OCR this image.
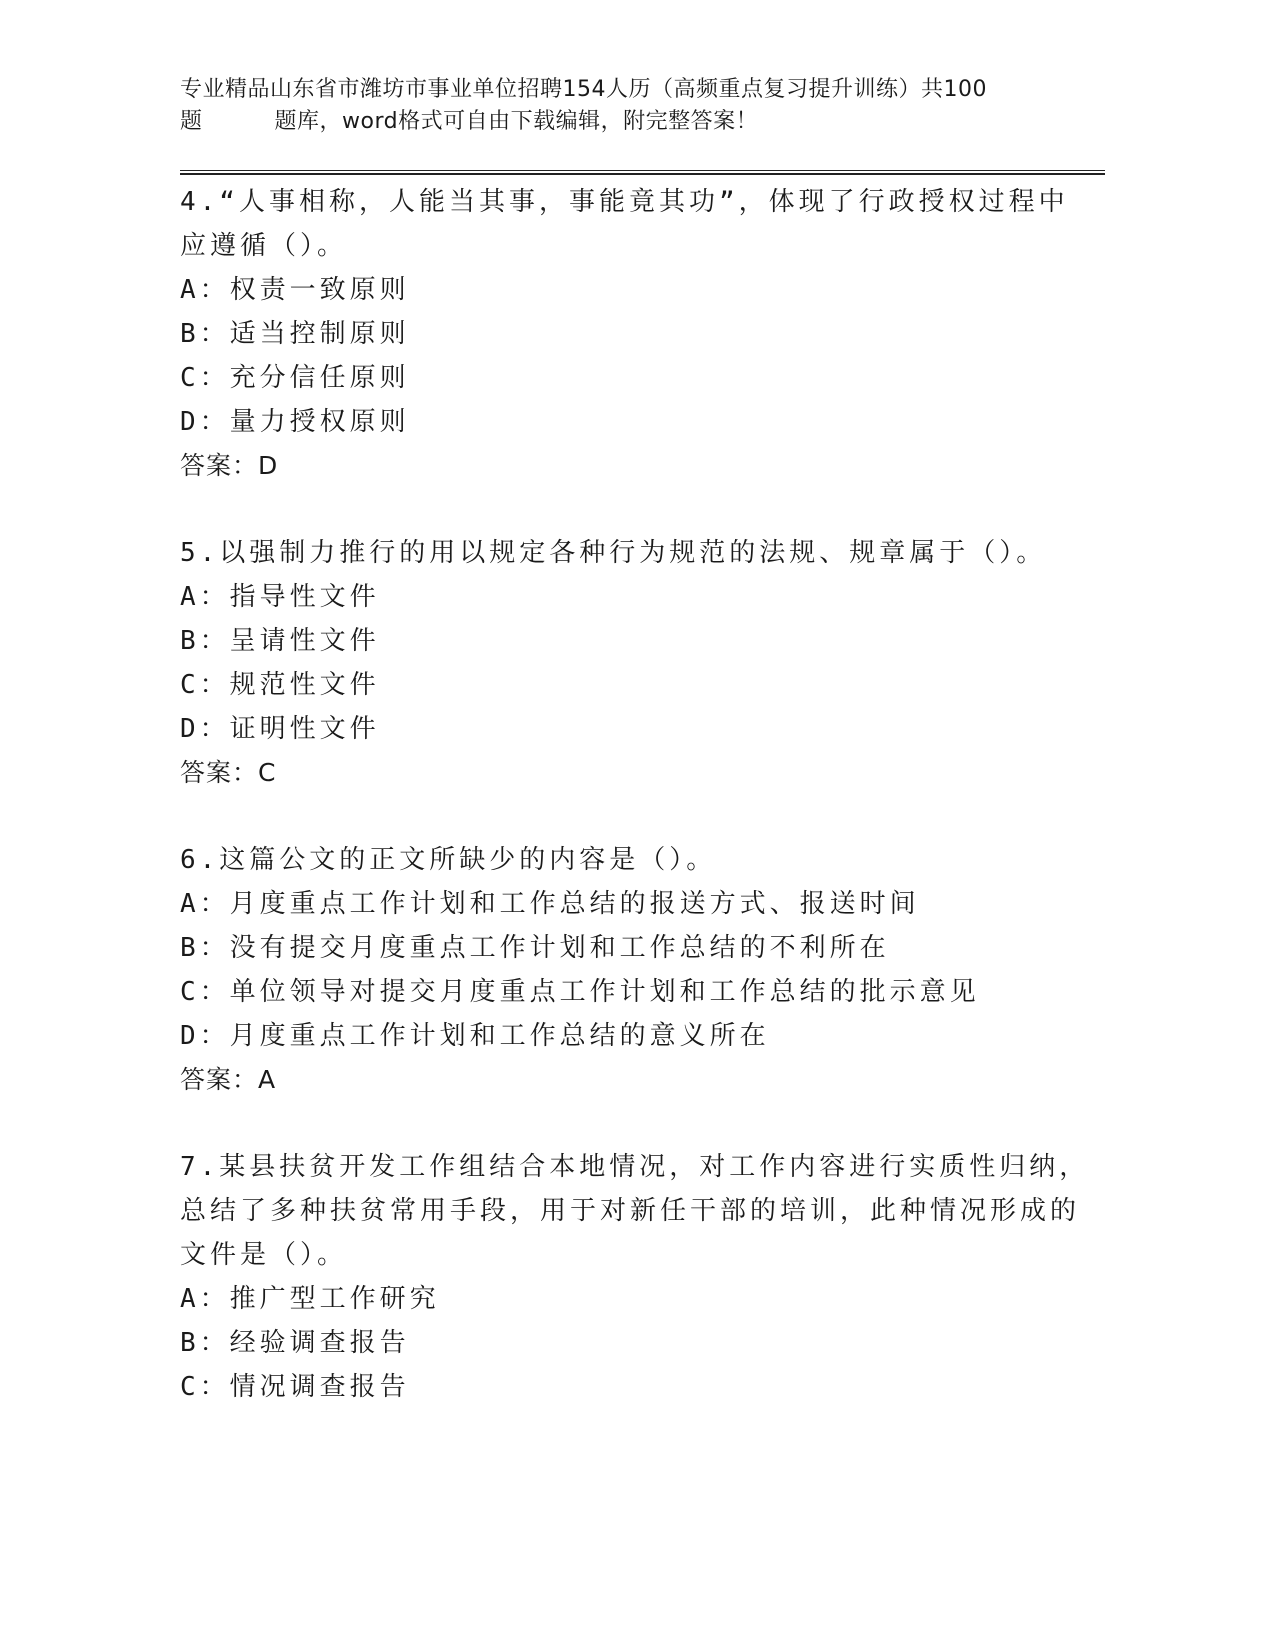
专业精品山东省市潍坊市事业单位招聘154人历（高频重点复习提升训练）共100
题	题库，word格式可自由下载编辑，附完整答案！
4.“人事相称，人能当其事，事能竟其功”，体现了行政授权过程中
应遵循（）。
A：权责一致原则
B：适当控制原则
C：充分信任原则
D：量力授权原则
答案：D
5.以强制力推行的用以规定各种行为规范的法规、规章属于（）。
A：指导性文件
B：呈请性文件
C：规范性文件
D：证明性文件
答案：C
6.这篇公文的正文所缺少的内容是（）。
A：月度重点工作计划和工作总结的报送方式、报送时间
B：没有提交月度重点工作计划和工作总结的不利所在
C：单位领导对提交月度重点工作计划和工作总结的批示意见
D：月度重点工作计划和工作总结的意义所在
答案：A
7.某县扶贫开发工作组结合本地情况，对工作内容进行实质性归纳，
总结了多种扶贫常用手段，用于对新任干部的培训，此种情况形成的
文件是（）。
A：推广型工作研究
B：经验调查报告
C：情况调查报告
